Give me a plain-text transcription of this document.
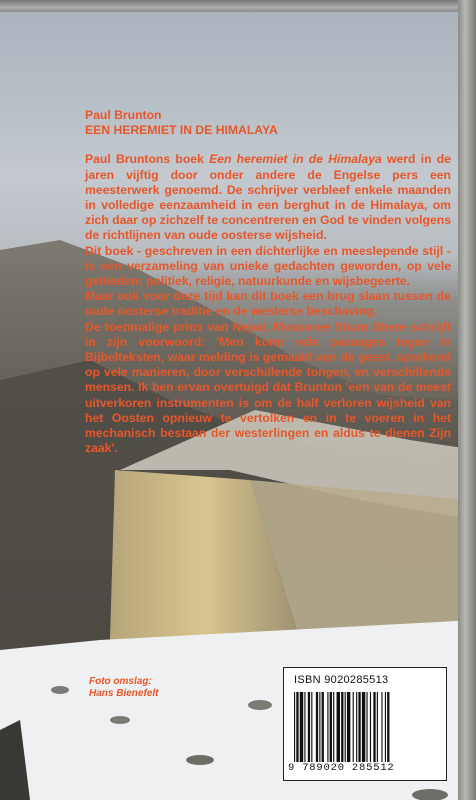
Paul Brunton
EEN HEREMIET IN DE HIMALAYA

Paul Bruntons boek Een heremiet in de Himalaya werd in de jaren vijftig door onder andere de Engelse pers een meesterwerk genoemd. De schrijver verbleef enkele maanden in volledige eenzaamheid in een berghut in de Himalaya, om zich daar op zichzelf te concentreren en God te vinden volgens de richtlijnen van oude oosterse wijsheid.

Dit boek - geschreven in een dichterlijke en meeslepende stijl - is een verzameling van unieke gedachten geworden, op vele gebieden: politiek, religie, natuurkunde en wijsbegeerte.

Maar ook voor deze tijd kan dit boek een brug slaan tussen de oude oosterse traditie en de westerse beschaving.

De toenmalige prins van Nepal, Mussoree Shum Shere schrijft in zijn voorwoord: 'Men komt vele passages tegen in Bijbelteksten, waar melding is gemaakt van de geest, sprekend op vele manieren, door verschillende tongen, en verschillende mensen. Ik ben ervan overtuigd dat Brunton 'een van de meest uitverkoren instrumenten is om de half verloren wijsheid van het Oosten opnieuw te vertolken en in te voeren in het mechanisch bestaan der westerlingen en aldus te dienen Zijn zaak'.

Foto omslag:
Hans Bienefelt
ISBN 9020285513
9 789020 285512
